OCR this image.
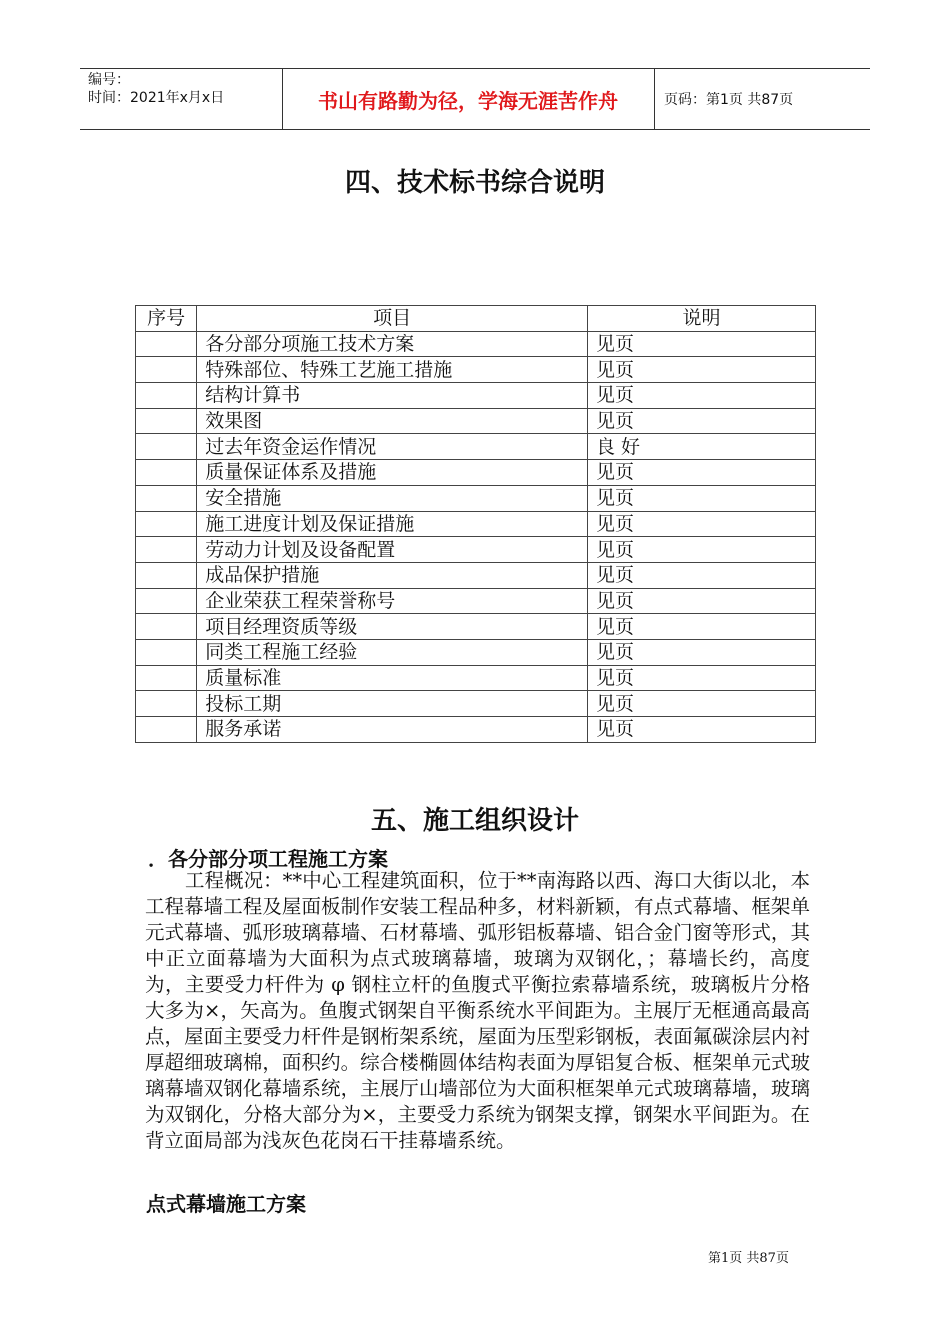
编号：
时间：2021年x月x日	书山有路勤为径，学海无涯苦作舟	页码：第1页 共87页
四、技术标书综合说明
序号	项目	说明
	各分部分项施工技术方案	见页
	特殊部位、特殊工艺施工措施	见页
	结构计算书	见页
	效果图	见页
	过去年资金运作情况	良 好
	质量保证体系及措施	见页
	安全措施	见页
	施工进度计划及保证措施	见页
	劳动力计划及设备配置	见页
	成品保护措施	见页
	企业荣获工程荣誉称号	见页
	项目经理资质等级	见页
	同类工程施工经验	见页
	质量标准	见页
	投标工期	见页
	服务承诺	见页
五、施工组织设计
．各分部分项工程施工方案
工程概况：**中心工程建筑面积，位于**南海路以西、海口大街以北，本工程幕墙工程及屋面板制作安装工程品种多，材料新颖，有点式幕墙、框架单元式幕墙、弧形玻璃幕墙、石材幕墙、弧形铝板幕墙、铝合金门窗等形式，其中正立面幕墙为大面积为点式玻璃幕墙，玻璃为双钢化，；幕墙长约，高度为，主要受力杆件为 φ 钢柱立杆的鱼腹式平衡拉索幕墙系统，玻璃板片分格大多为×，矢高为。鱼腹式钢架自平衡系统水平间距为。主展厅无框通高最高点，屋面主要受力杆件是钢桁架系统，屋面为压型彩钢板，表面氟碳涂层内衬厚超细玻璃棉，面积约。综合楼椭圆体结构表面为厚铝复合板、框架单元式玻璃幕墙双钢化幕墙系统，主展厅山墙部位为大面积框架单元式玻璃幕墙，玻璃为双钢化，分格大部分为×，主要受力系统为钢架支撑，钢架水平间距为。在背立面局部为浅灰色花岗石干挂幕墙系统。
点式幕墙施工方案
第1页 共87页
